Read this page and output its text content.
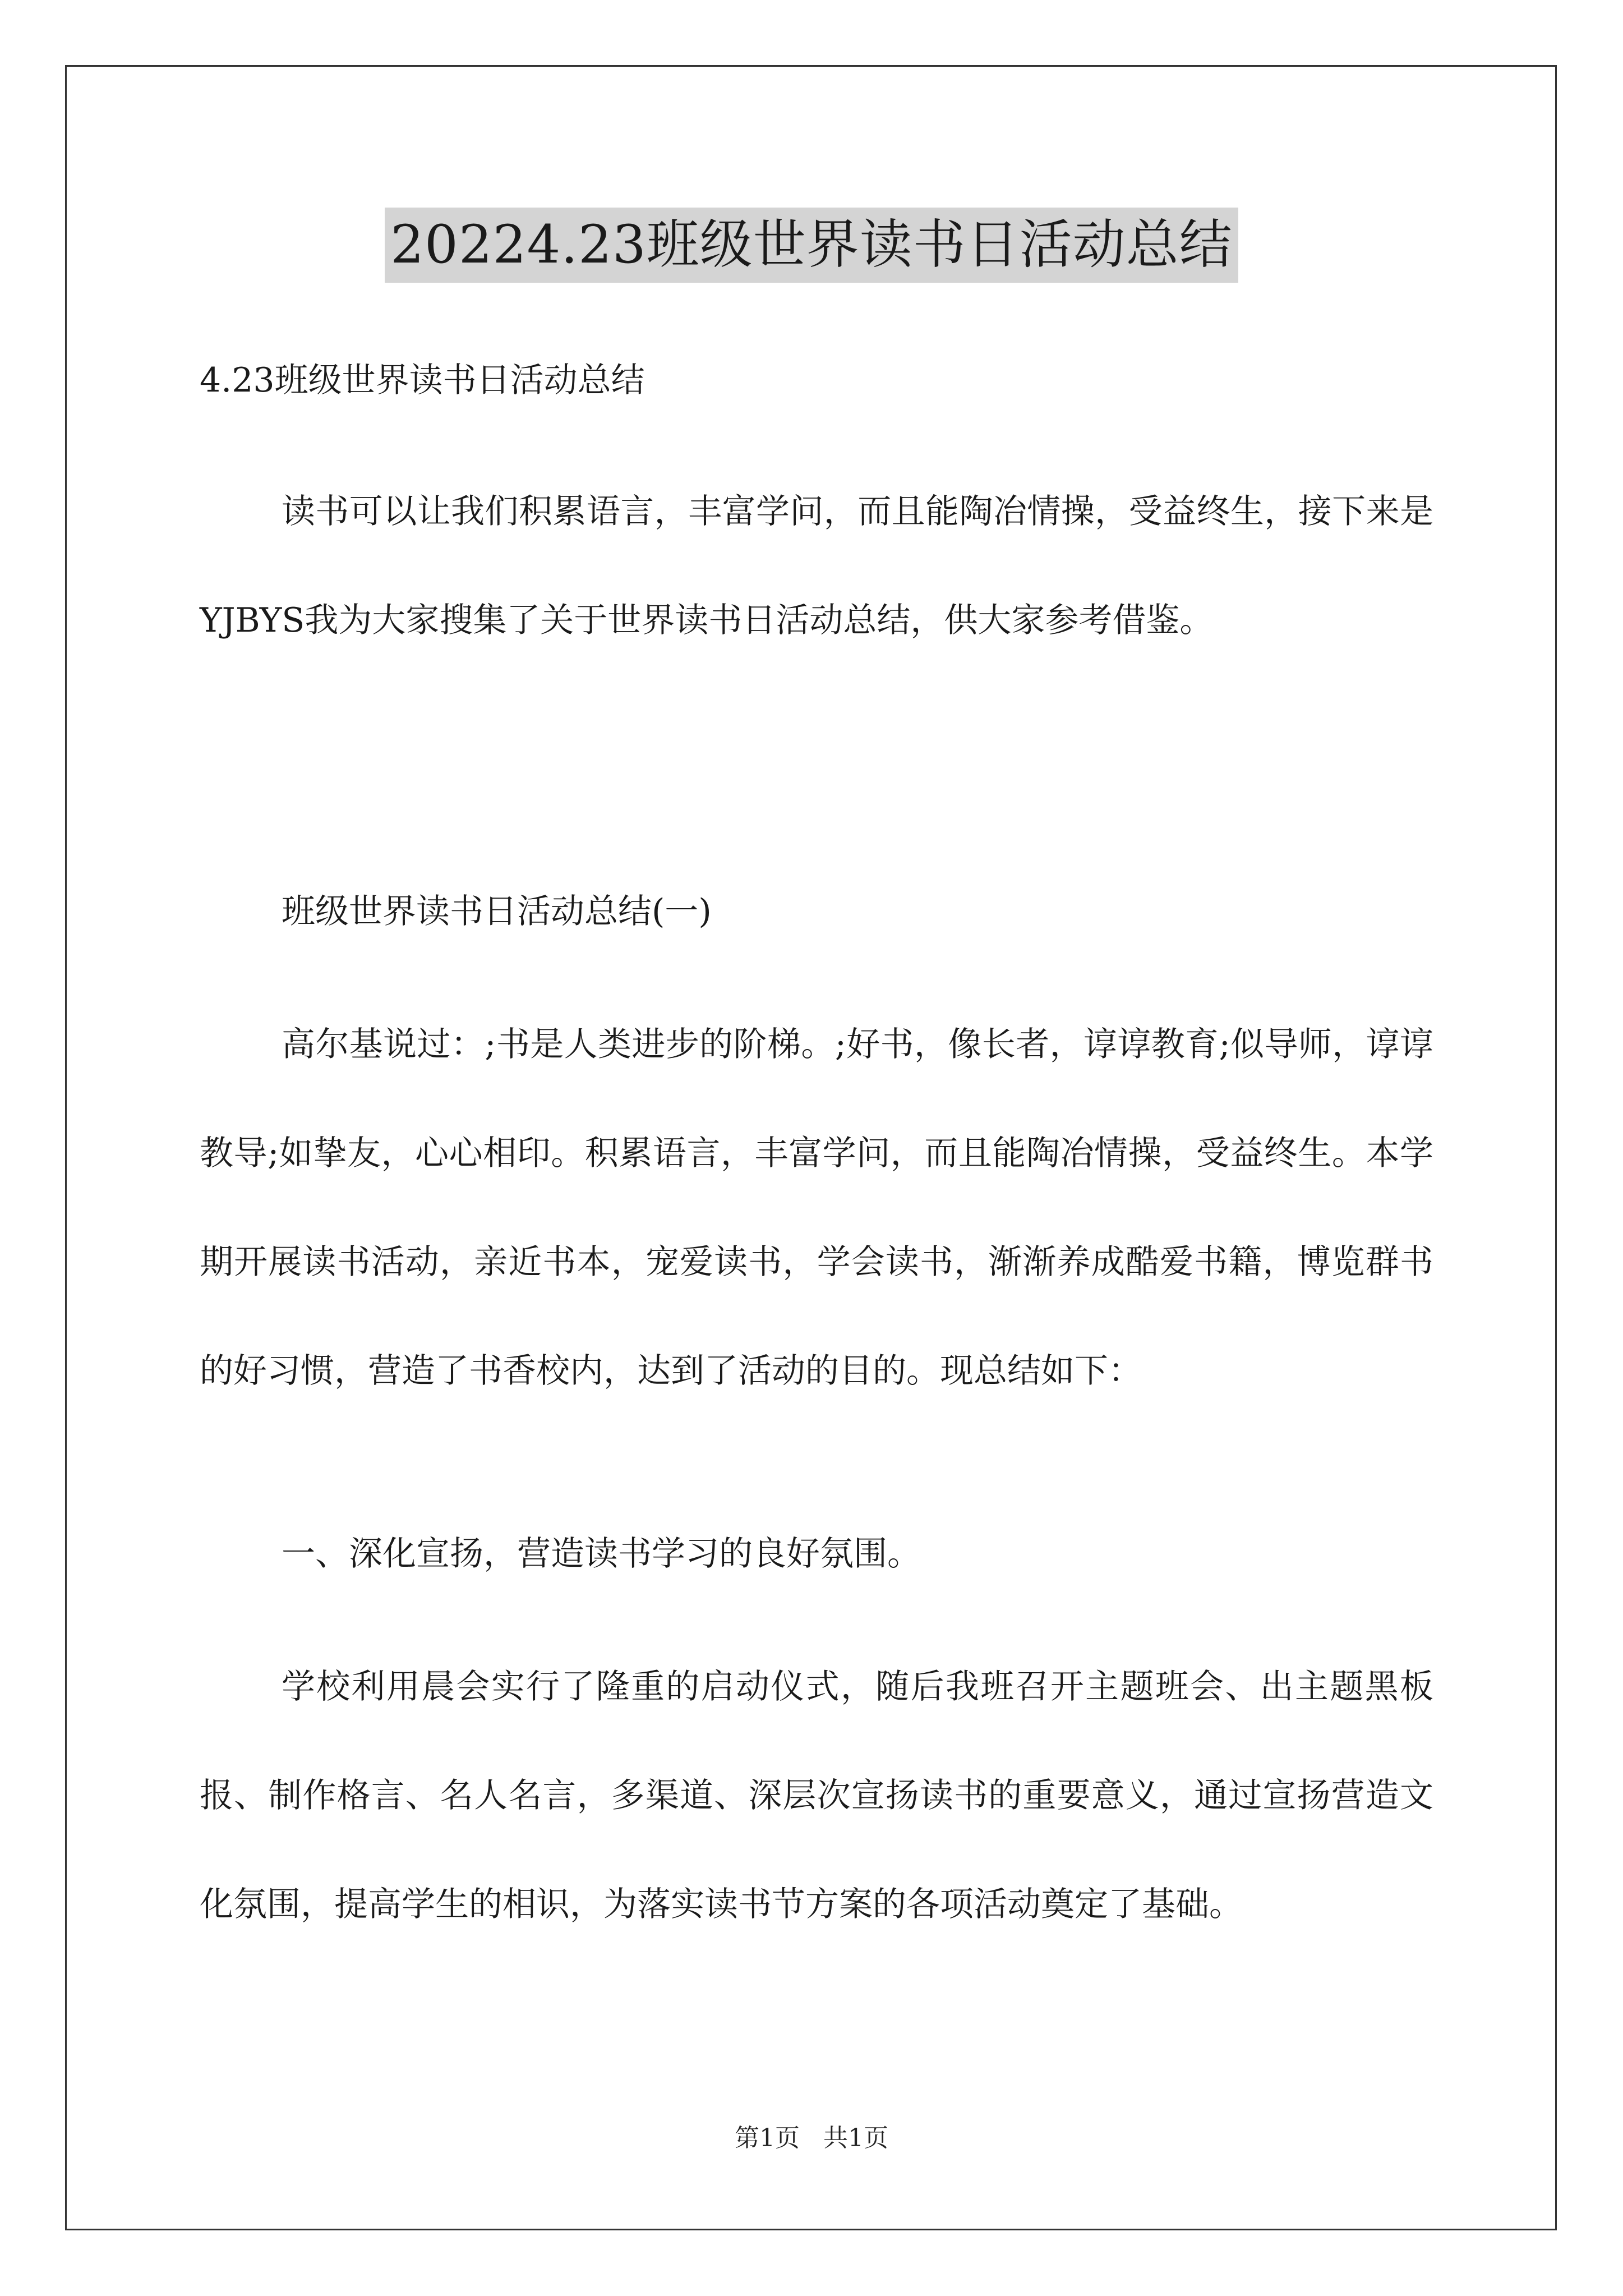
20224.23班级世界读书日活动总结

4.23班级世界读书日活动总结

读书可以让我们积累语言，丰富学问，而且能陶冶情操，受益终生，接下来是YJBYS我为大家搜集了关于世界读书日活动总结，供大家参考借鉴。

班级世界读书日活动总结(一)

高尔基说过：;书是人类进步的阶梯。;好书，像长者，谆谆教育;似导师，谆谆教导;如挚友，心心相印。积累语言，丰富学问，而且能陶冶情操，受益终生。本学期开展读书活动，亲近书本，宠爱读书，学会读书，渐渐养成酷爱书籍，博览群书的好习惯，营造了书香校内，达到了活动的目的。现总结如下：

一、深化宣扬，营造读书学习的良好氛围。

学校利用晨会实行了隆重的启动仪式，随后我班召开主题班会、出主题黑板报、制作格言、名人名言，多渠道、深层次宣扬读书的重要意义，通过宣扬营造文化氛围，提高学生的相识，为落实读书节方案的各项活动奠定了基础。

第1页 共1页
